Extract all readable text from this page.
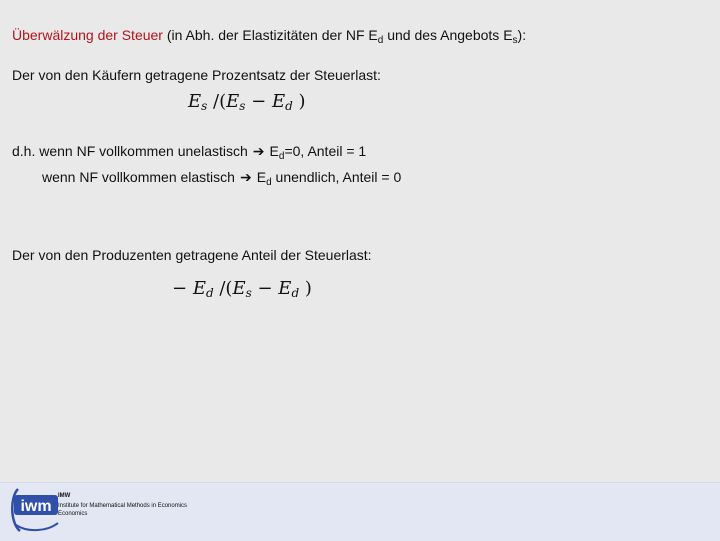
Überwälzung der Steuer (in Abh. der Elastizitäten der NF $E_d$ und des Angebots $E_s$):
Der von den Käufern getragene Prozentsatz der Steuerlast:
$E_s$ $/(E_s - E_d$ )
d.h. wenn NF vollkommen unelastisch ➔ $E_d=0$, Anteil = 1
wenn NF vollkommen elastisch ➔ $E_d$ unendlich, Anteil = 0
Der von den Produzenten getragene Anteil der Steuerlast:
− $E_d$ $/(E_s - E_d$ )
iwm
IMW
Institute for Mathematical Methods in Economics
Economics
